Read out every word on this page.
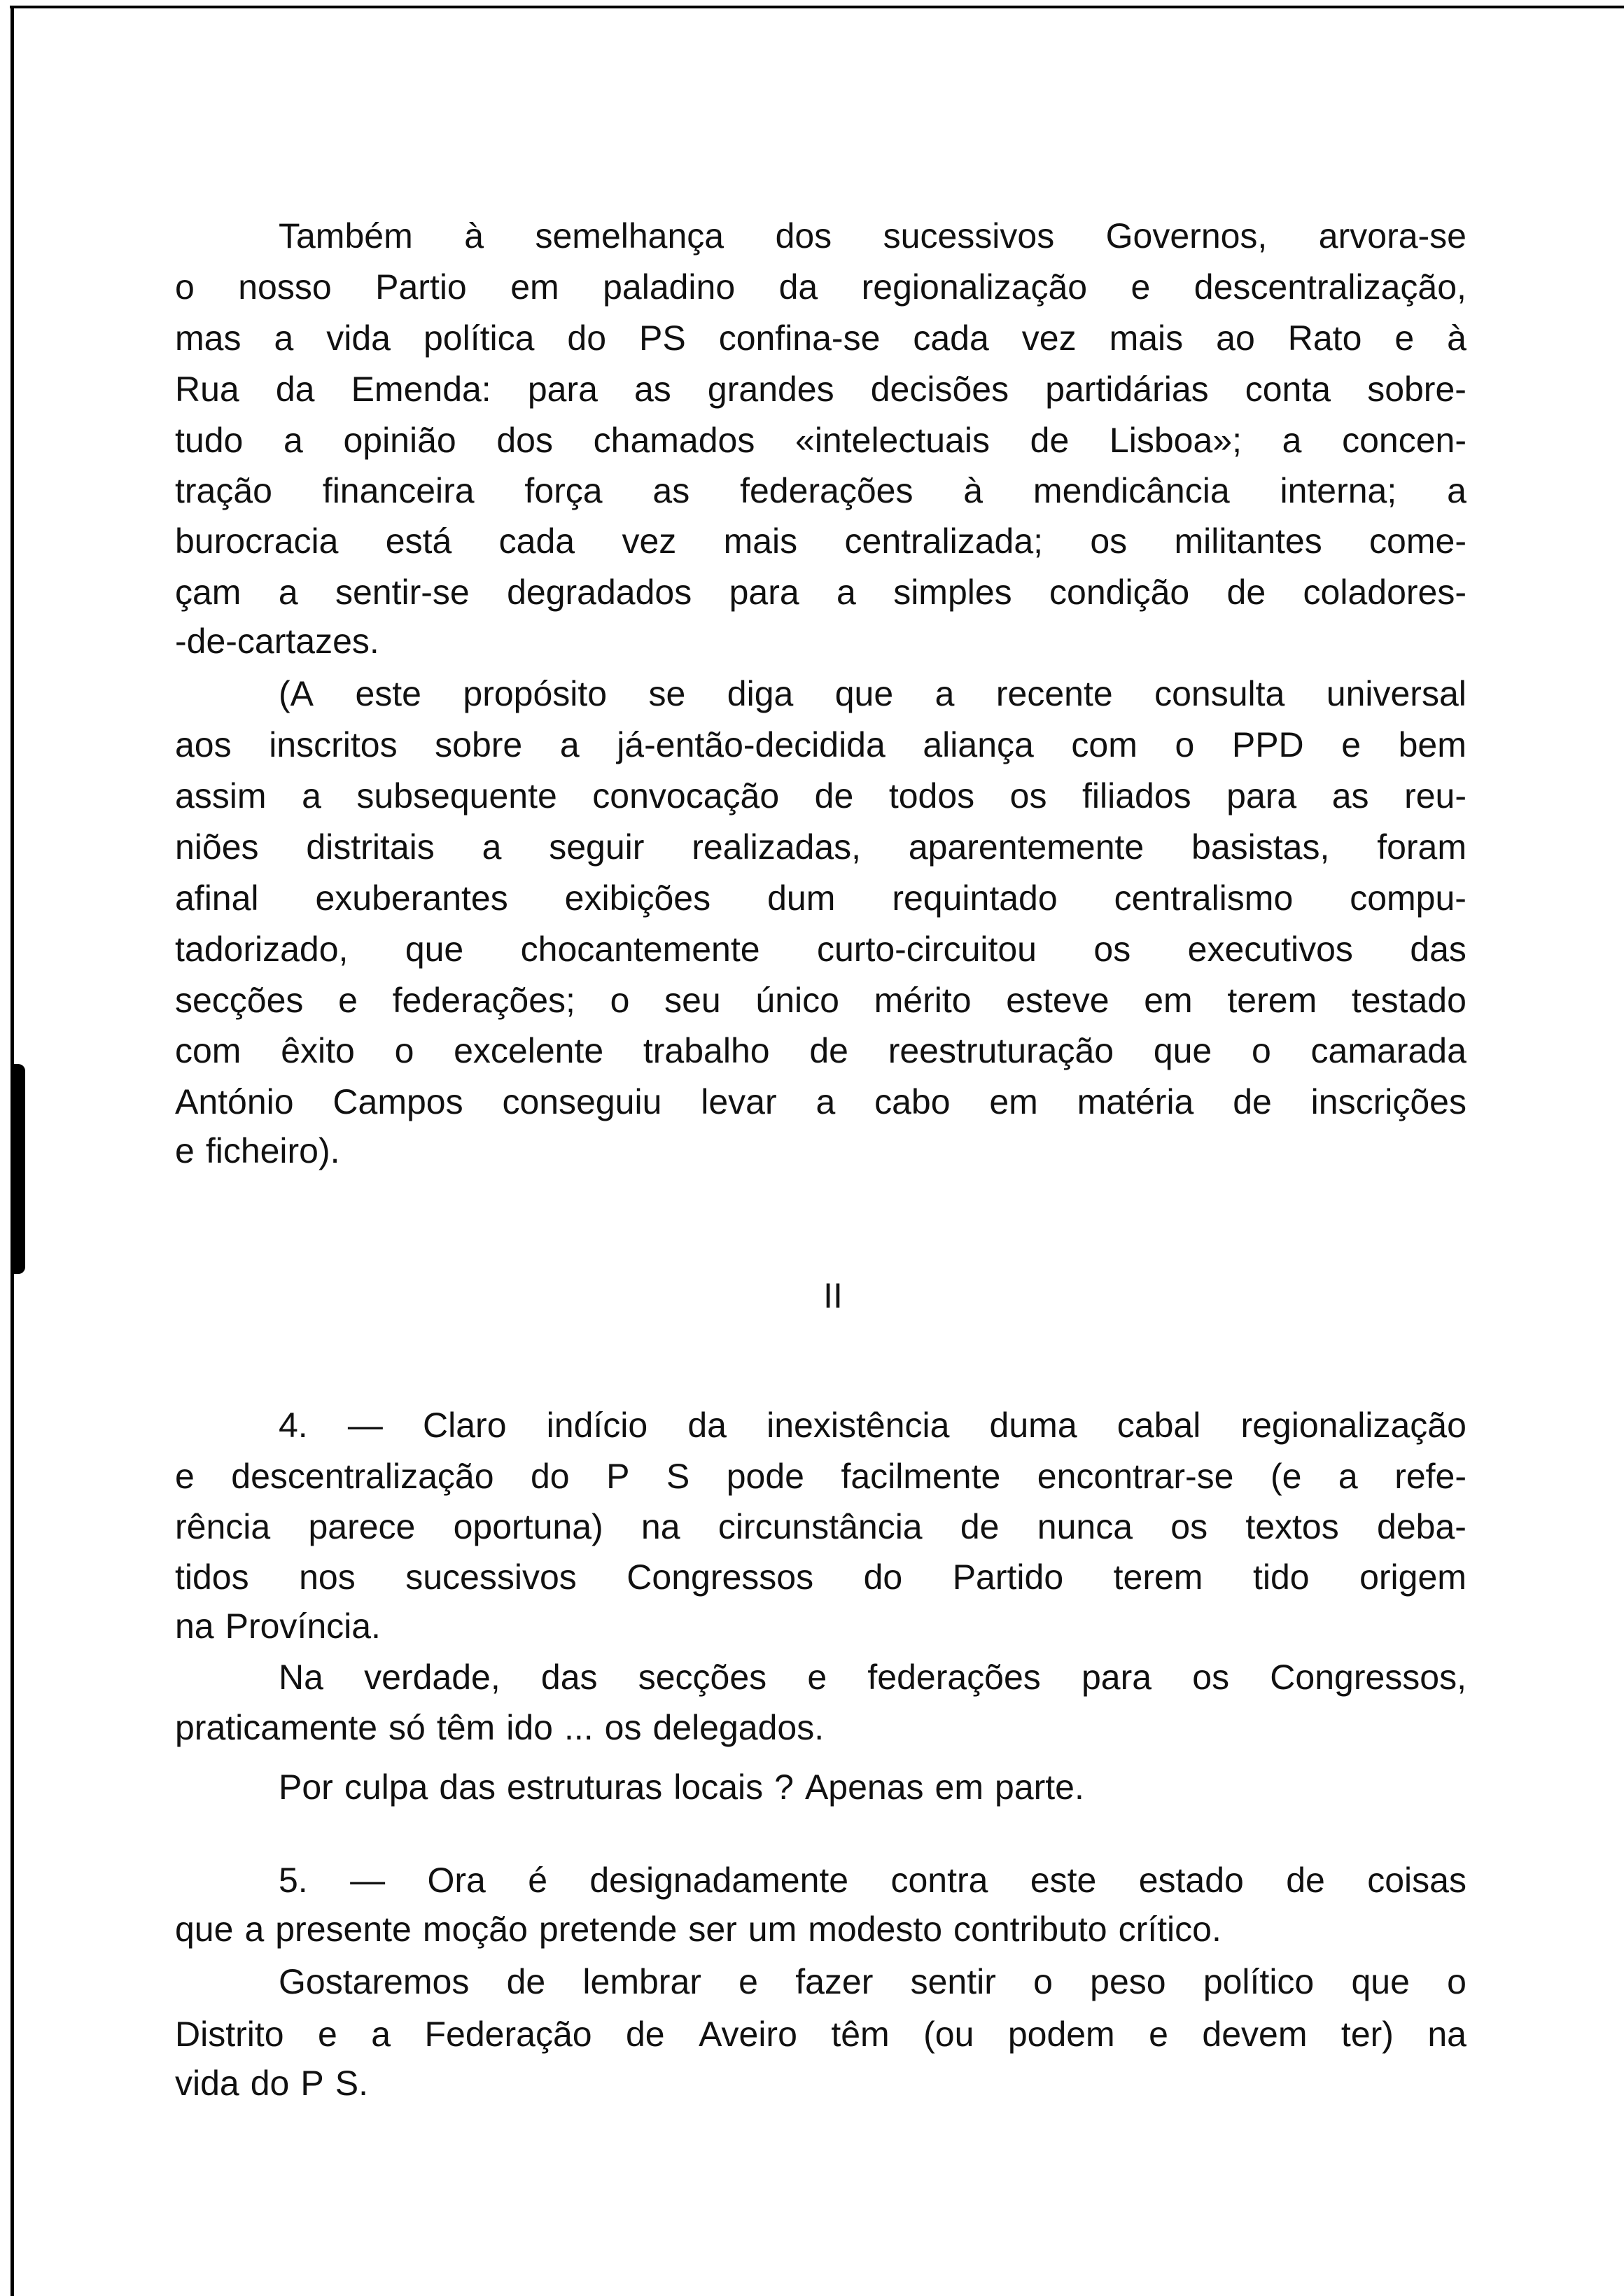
Também à semelhança dos sucessivos Governos, arvora-se
o nosso Partio em paladino da regionalização e descentralização,
mas a vida política do PS confina-se cada vez mais ao Rato e à
Rua da Emenda: para as grandes decisões partidárias conta sobre-
tudo a opinião dos chamados «intelectuais de Lisboa»; a concen-
tração financeira força as federações à mendicância interna; a
burocracia está cada vez mais centralizada; os militantes come-
çam a sentir-se degradados para a simples condição de coladores-
-de-cartazes.
(A este propósito se diga que a recente consulta universal
aos inscritos sobre a já-então-decidida aliança com o PPD e bem
assim a subsequente convocação de todos os filiados para as reu-
niões distritais a seguir realizadas, aparentemente basistas, foram
afinal exuberantes exibições dum requintado centralismo compu-
tadorizado, que chocantemente curto-circuitou os executivos das
secções e federações; o seu único mérito esteve em terem testado
com êxito o excelente trabalho de reestruturação que o camarada
António Campos conseguiu levar a cabo em matéria de inscrições
e ficheiro).
4. — Claro indício da inexistência duma cabal regionalização
e descentralização do P S pode facilmente encontrar-se (e a refe-
rência parece oportuna) na circunstância de nunca os textos deba-
tidos nos sucessivos Congressos do Partido terem tido origem
na Província.
Na verdade, das secções e federações para os Congressos,
praticamente só têm ido ... os delegados.
Por culpa das estruturas locais ? Apenas em parte.
5. — Ora é designadamente contra este estado de coisas
que a presente moção pretende ser um modesto contributo crítico.
Gostaremos de lembrar e fazer sentir o peso político que o
Distrito e a Federação de Aveiro têm (ou podem e devem ter) na
vida do P S.
II
